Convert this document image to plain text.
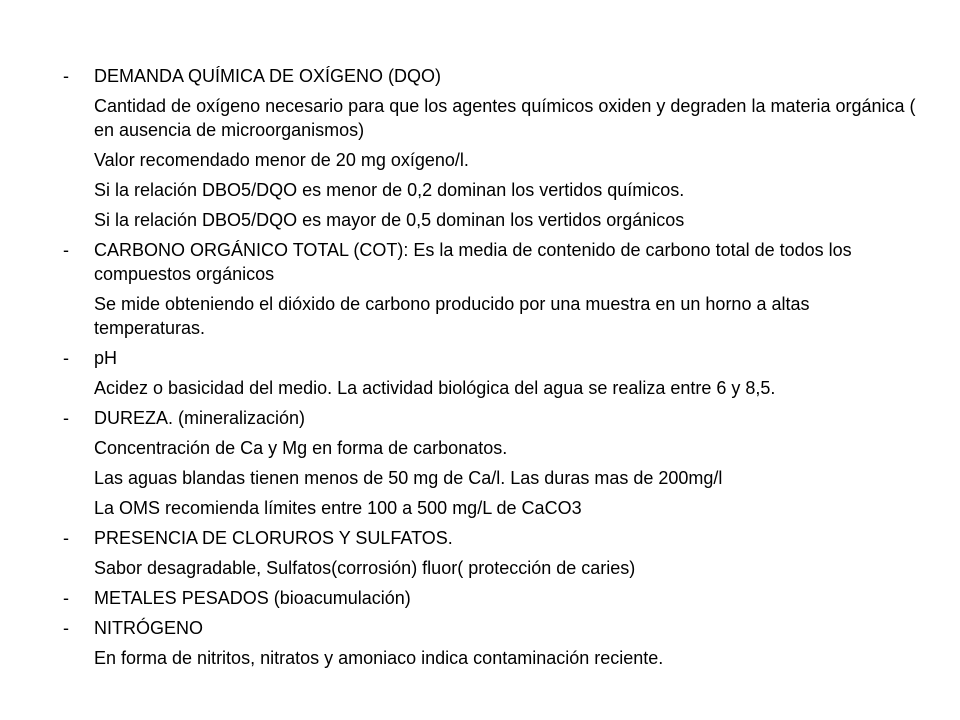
-	DEMANDA QUÍMICA DE OXÍGENO (DQO)
Cantidad de oxígeno necesario para que los agentes químicos oxiden y degraden la materia orgánica ( en ausencia de microorganismos)
Valor recomendado menor de 20 mg oxígeno/l.
Si la relación DBO5/DQO es menor de 0,2 dominan los vertidos químicos.
Si la relación DBO5/DQO es mayor de 0,5 dominan los vertidos orgánicos
-	CARBONO ORGÁNICO TOTAL (COT): Es la media de contenido de carbono total de todos los compuestos orgánicos
Se mide obteniendo el dióxido de carbono producido por una muestra en un horno a altas temperaturas.
-	pH
Acidez o basicidad del medio. La actividad biológica del agua se realiza entre 6 y 8,5.
-	DUREZA. (mineralización)
Concentración de Ca y Mg en forma de carbonatos.
Las aguas blandas tienen menos de 50 mg de Ca/l. Las duras mas de 200mg/l
La OMS recomienda límites entre 100 a 500 mg/L de CaCO3
-	PRESENCIA DE CLORUROS Y SULFATOS.
Sabor desagradable, Sulfatos(corrosión) fluor( protección de caries)
-	METALES PESADOS (bioacumulación)
-	NITRÓGENO
En forma de nitritos, nitratos y amoniaco indica contaminación reciente.
